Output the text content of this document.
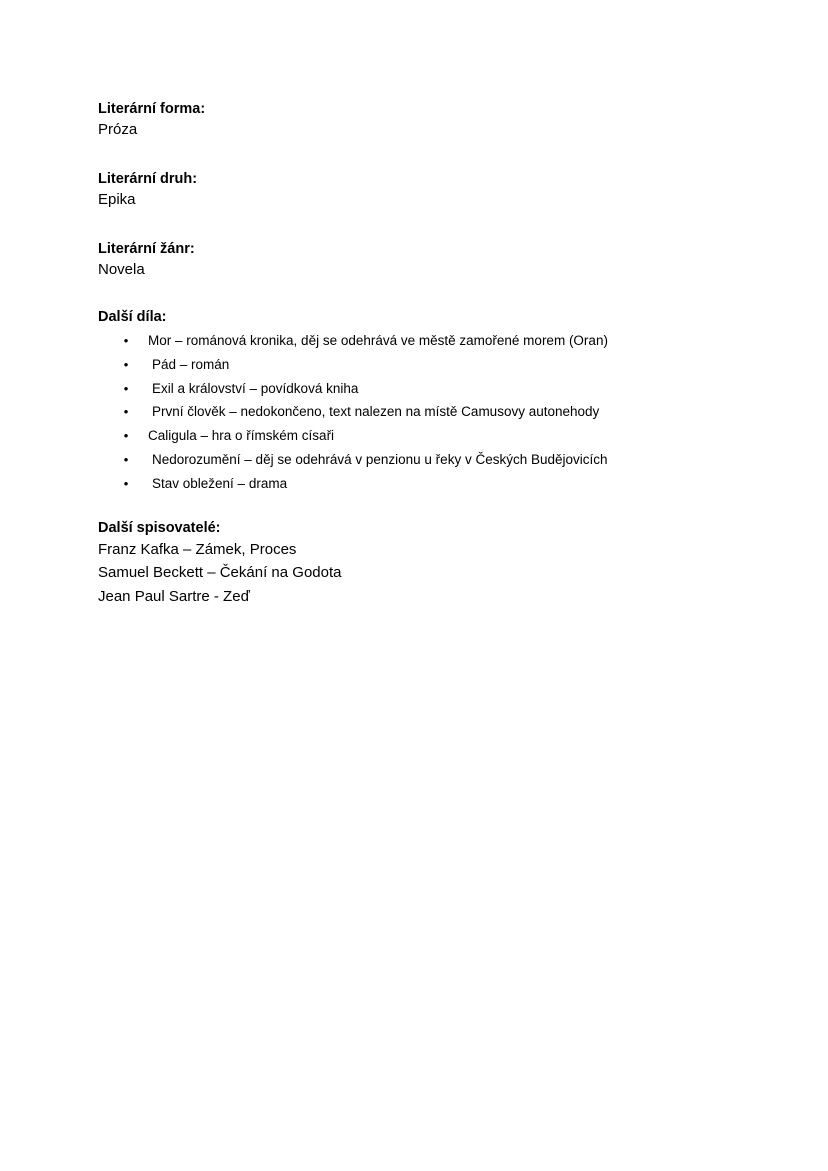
Literární forma:
Próza
Literární druh:
Epika
Literární žánr:
Novela
Další díla:
• Mor – románová kronika, děj se odehrává ve městě zamořené morem (Oran)
• Pád – román
• Exil a království – povídková kniha
• První člověk – nedokončeno, text nalezen na místě Camusovy autonehody
• Caligula – hra o římském císaři
• Nedorozumění – děj se odehrává v penzionu u řeky v Českých Budějovicích
• Stav obležení – drama
Další spisovatelé:
Franz Kafka – Zámek, Proces
Samuel Beckett – Čekání na Godota
Jean Paul Sartre - Zeď
